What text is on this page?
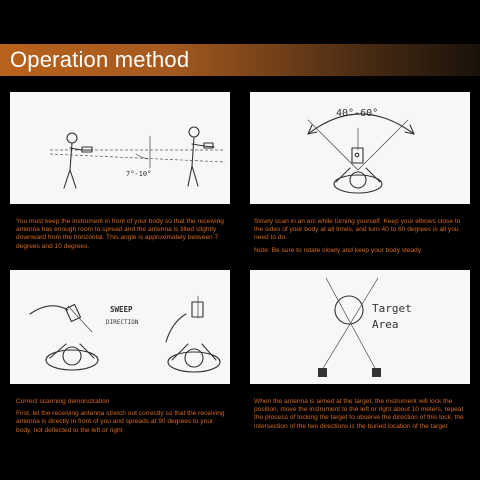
Operation method
7°-10°
40°-60°

You must keep the instrument in front of your body so that the receiving antenna has enough room to spread and the antenna is tilted slightly downward from the horizontal. This angle is approximately between 7 degrees and 10 degrees.

Slowly scan in an arc while turning yourself. Keep your elbows close to the sides of your body at all times, and turn 40 to 60 degrees is all you need to do.

Note: Be sure to rotate slowly and keep your body steady

SWEEP
DIRECTION
Target
Area

Correct scanning demonstration

First, let the receiving antenna stretch out correctly so that the receiving antenna is directly in front of you and spreads at 90 degrees to your body, not deflected to the left or right

When the antenna is aimed at the target, the instrument will lock the position, move the instrument to the left or right about 10 meters, repeat the process of locking the target to observe the direction of this lock, the intersection of the two directions is the buried location of the target
